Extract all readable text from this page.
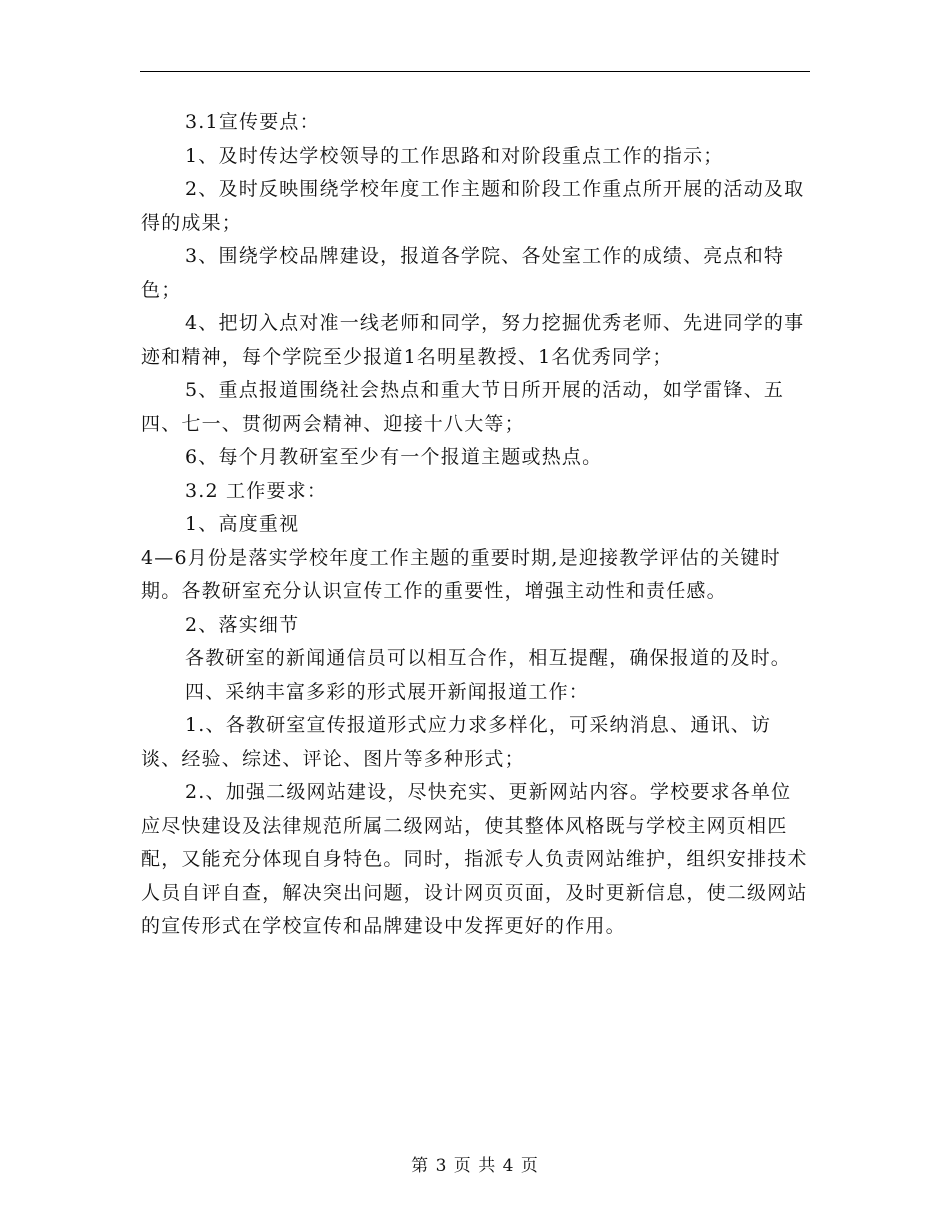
3.1宣传要点：

1、及时传达学校领导的工作思路和对阶段重点工作的指示；

2、及时反映围绕学校年度工作主题和阶段工作重点所开展的活动及取得的成果；

3、围绕学校品牌建设，报道各学院、各处室工作的成绩、亮点和特色；

4、把切入点对准一线老师和同学，努力挖掘优秀老师、先进同学的事迹和精神，每个学院至少报道1名明星教授、1名优秀同学；

5、重点报道围绕社会热点和重大节日所开展的活动，如学雷锋、五四、七一、贯彻两会精神、迎接十八大等；

6、每个月教研室至少有一个报道主题或热点。

3.2 工作要求：

1、高度重视

4—6月份是落实学校年度工作主题的重要时期,是迎接教学评估的关键时期。各教研室充分认识宣传工作的重要性，增强主动性和责任感。

2、落实细节

各教研室的新闻通信员可以相互合作，相互提醒，确保报道的及时。

四、采纳丰富多彩的形式展开新闻报道工作：

1.、各教研室宣传报道形式应力求多样化，可采纳消息、通讯、访谈、经验、综述、评论、图片等多种形式；

2.、加强二级网站建设，尽快充实、更新网站内容。学校要求各单位应尽快建设及法律规范所属二级网站，使其整体风格既与学校主网页相匹配，又能充分体现自身特色。同时，指派专人负责网站维护，组织安排技术人员自评自查，解决突出问题，设计网页页面，及时更新信息，使二级网站的宣传形式在学校宣传和品牌建设中发挥更好的作用。

第 3 页 共 4 页
